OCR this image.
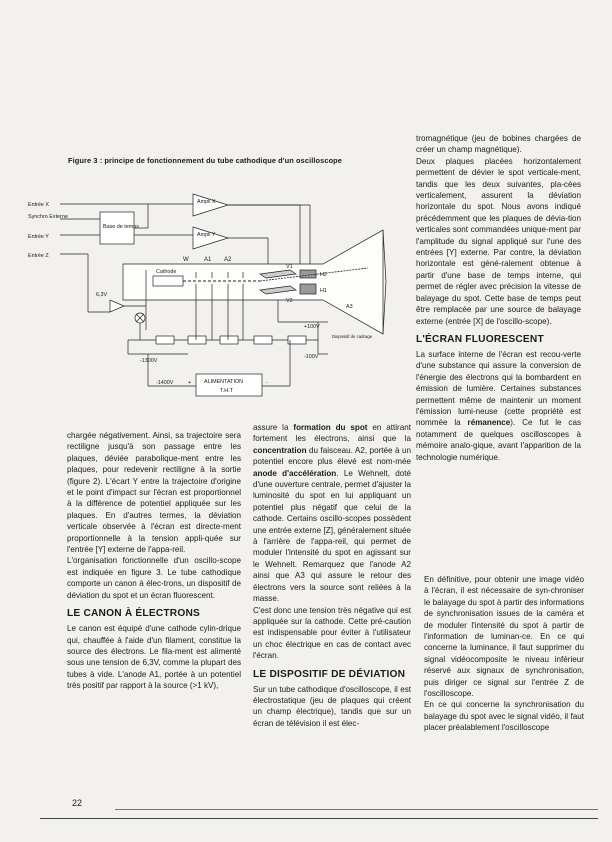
Figure 3 : principe de fonctionnement du tube cathodique d'un oscilloscope
Entrée X
Synchro Externe
Entrée Y
Entrée Z
Base de temps
Ampli X
Ampli Y
W	A1 A2
Cathode
V1
V2
H2
H1
A3
6,3V
+100V
-100V
Dispositif de cadrage
-1300V
-1400V	ALIMENTATION
T.H.T
+	-

chargée négativement. Ainsi, sa trajectoire sera rectiligne jusqu'à son passage entre les plaques, déviée parabolique-ment entre les plaques, pour redevenir rectiligne à la sortie (figure 2). L'écart Y entre la trajectoire d'origine et le point d'impact sur l'écran est proportionnel à la différence de potentiel appliquée sur les plaques. En d'autres termes, la déviation verticale observée à l'écran est directe-ment proportionnelle à la tension appli-quée sur l'entrée [Y] externe de l'appa-reil.

L'organisation fonctionnelle d'un oscillo-scope est indiquée en figure 3. Le tube cathodique comporte un canon à élec-trons, un dispositif de déviation du spot et un écran fluorescent.

LE CANON À ÉLECTRONS

Le canon est équipé d'une cathode cylin-drique qui, chauffée à l'aide d'un filament, constitue la source des électrons. Le fila-ment est alimenté sous une tension de 6,3V, comme la plupart des tubes à vide. L'anode A1, portée à un potentiel très positif par rapport à la source (>1 kV),

assure la formation du spot en attirant fortement les électrons, ainsi que la concentration du faisceau. A2, portée à un potentiel encore plus élevé est nom-mée anode d'accélération. Le Wehnelt, doté d'une ouverture centrale, permet d'ajuster la luminosité du spot en lui appliquant un potentiel plus négatif que celui de la cathode. Certains oscillo-scopes possèdent une entrée externe [Z], généralement située à l'arrière de l'appa-reil, qui permet de moduler l'intensité du spot en agissant sur le Wehnelt. Remarquez que l'anode A2 ainsi que A3 qui assure le retour des électrons vers la source sont reliées à la masse.

C'est donc une tension très négative qui est appliquée sur la cathode. Cette pré-caution est indispensable pour éviter à l'utilisateur un choc électrique en cas de contact avec l'écran.

LE DISPOSITIF DE DÉVIATION

Sur un tube cathodique d'oscilloscope, il est électrostatique (jeu de plaques qui créent un champ électrique), tandis que sur un écran de télévision il est élec-

tromagnétique (jeu de bobines chargées de créer un champ magnétique).

Deux plaques placées horizontalement permettent de dévier le spot verticale-ment, tandis que les deux suivantes, pla-cées verticalement, assurent la déviation horizontale du spot. Nous avons indiqué précédemment que les plaques de dévia-tion verticales sont commandées unique-ment par l'amplitude du signal appliqué sur l'une des entrées [Y] externe. Par contre, la déviation horizontale est géné-ralement obtenue à partir d'une base de temps interne, qui permet de régler avec précision la vitesse de balayage du spot. Cette base de temps peut être remplacée par une source de balayage externe (entrée [X] de l'oscillo-scope).

L'ÉCRAN FLUORESCENT

La surface interne de l'écran est recou-verte d'une substance qui assure la conversion de l'énergie des électrons qui la bombardent en émission de lumière. Certaines substances permettent même de maintenir un moment l'émission lumi-neuse (cette propriété est nommée la rémanence). Ce fut le cas notamment de quelques oscilloscopes à mémoire analo-gique, avant l'apparition de la technologie numérique.

En définitive, pour obtenir une image vidéo à l'écran, il est nécessaire de syn-chroniser le balayage du spot à partir des informations de synchronisation issues de la caméra et de moduler l'intensité du spot à partir de l'information de luminan-ce. En ce qui concerne la luminance, il faut supprimer du signal vidéocomposite le niveau inférieur réservé aux signaux de synchronisation, puis diriger ce signal sur l'entrée Z de l'oscilloscope.

En ce qui concerne la synchronisation du balayage du spot avec le signal vidéo, il faut placer préalablement l'oscilloscope

22
